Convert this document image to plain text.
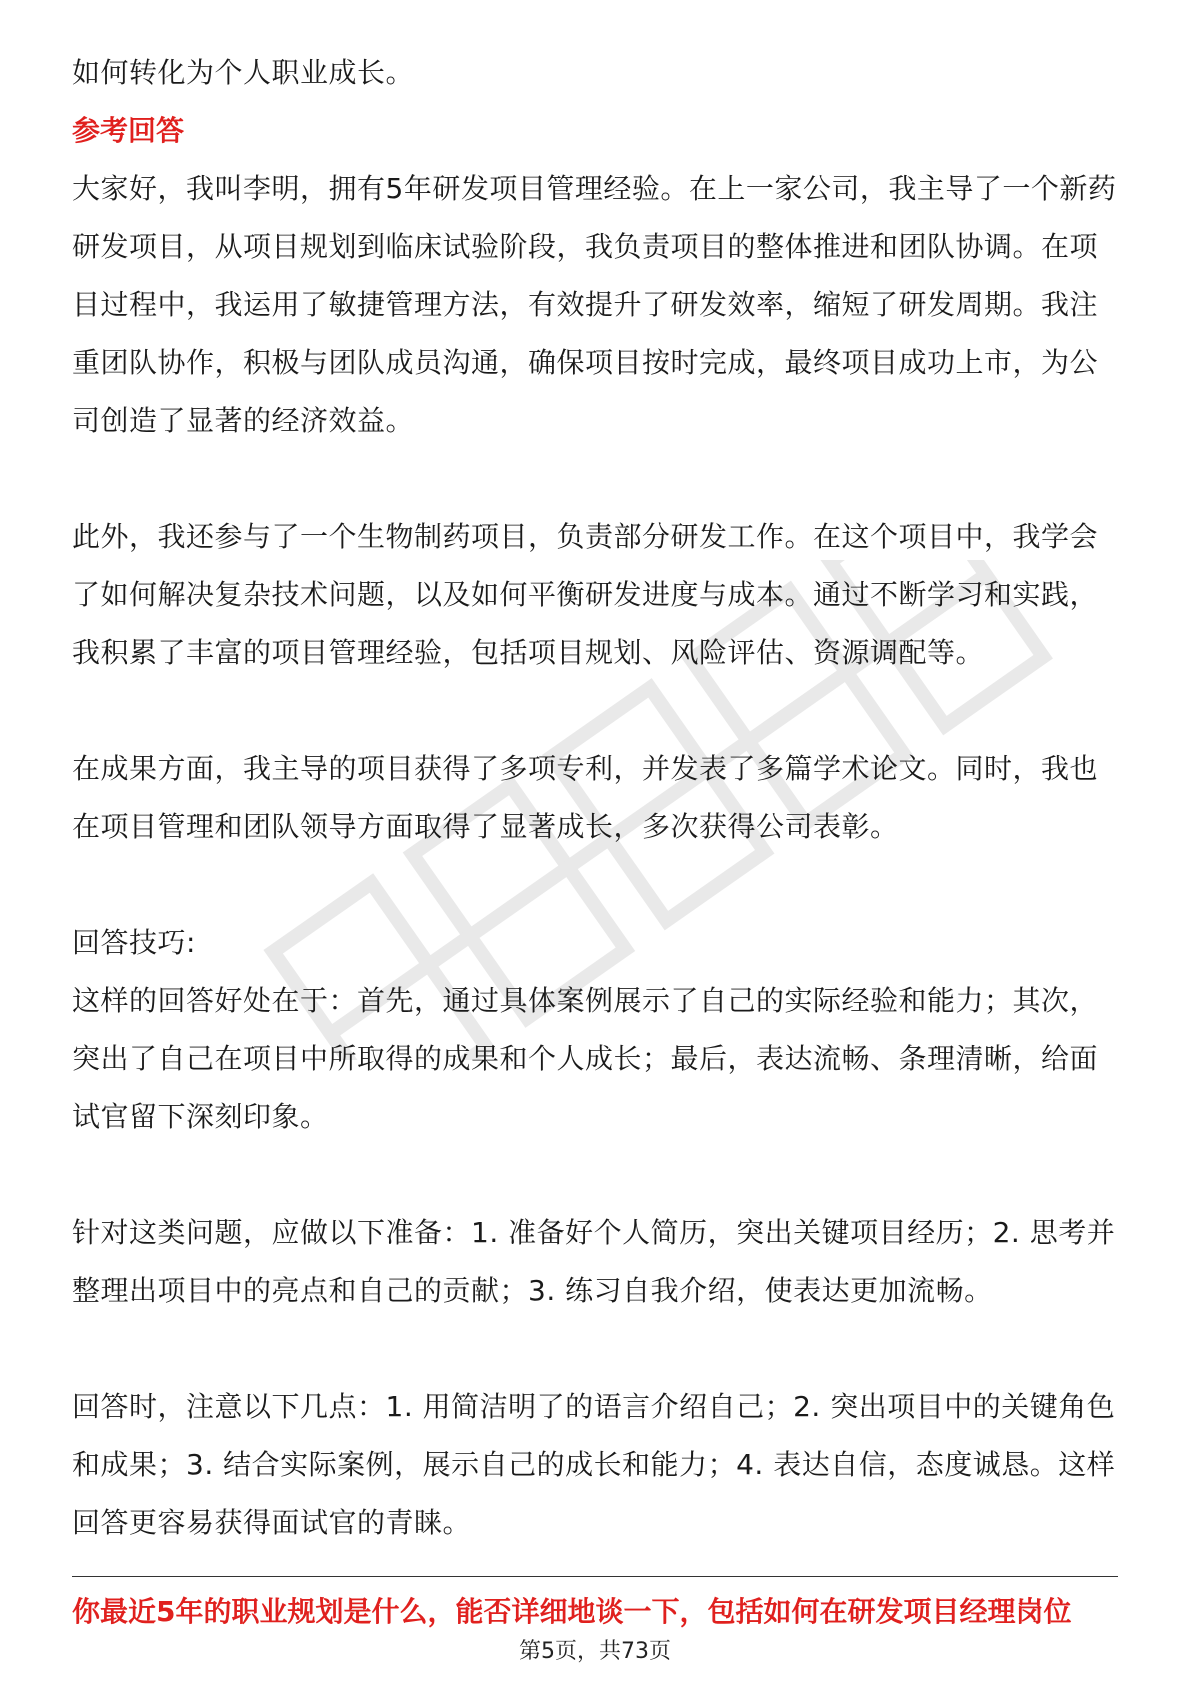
如何转化为个人职业成长。

参考回答

大家好，我叫李明，拥有5年研发项目管理经验。在上一家公司，我主导了一个新药研发项目，从项目规划到临床试验阶段，我负责项目的整体推进和团队协调。在项目过程中，我运用了敏捷管理方法，有效提升了研发效率，缩短了研发周期。我注重团队协作，积极与团队成员沟通，确保项目按时完成，最终项目成功上市，为公司创造了显著的经济效益。

此外，我还参与了一个生物制药项目，负责部分研发工作。在这个项目中，我学会了如何解决复杂技术问题，以及如何平衡研发进度与成本。通过不断学习和实践，我积累了丰富的项目管理经验，包括项目规划、风险评估、资源调配等。

在成果方面，我主导的项目获得了多项专利，并发表了多篇学术论文。同时，我也在项目管理和团队领导方面取得了显著成长，多次获得公司表彰。

回答技巧:

这样的回答好处在于：首先，通过具体案例展示了自己的实际经验和能力；其次，突出了自己在项目中所取得的成果和个人成长；最后，表达流畅、条理清晰，给面试官留下深刻印象。

针对这类问题，应做以下准备：1. 准备好个人简历，突出关键项目经历；2. 思考并整理出项目中的亮点和自己的贡献；3. 练习自我介绍，使表达更加流畅。

回答时，注意以下几点：1. 用简洁明了的语言介绍自己；2. 突出项目中的关键角色和成果；3. 结合实际案例，展示自己的成长和能力；4. 表达自信，态度诚恳。这样回答更容易获得面试官的青睐。

你最近5年的职业规划是什么，能否详细地谈一下，包括如何在研发项目经理岗位

第5页，共73页
